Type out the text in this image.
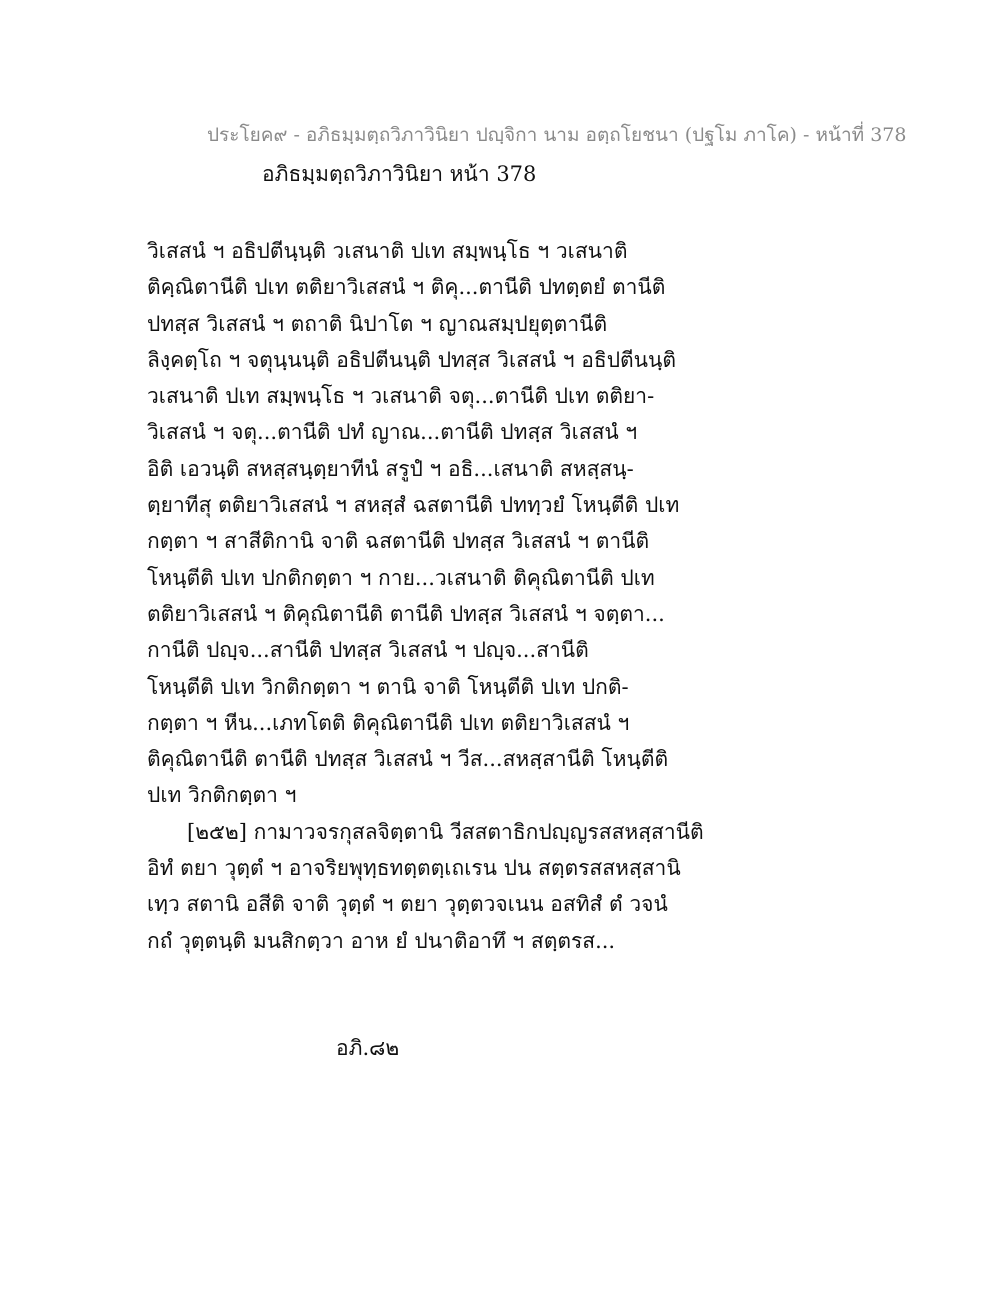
ประโยค๙ - อภิธมฺมตฺถวิภาวินิยา ปญฺจิกา นาม อตฺถโยชนา (ปฐโม ภาโค) - หน้าที่ 378
อภิธมฺมตฺถวิภาวินิยา หน้า 378
วิเสสนํ ฯ อธิปตีนฺนฺติ วเสนาติ ปเท สมฺพนฺโธ ฯ วเสนาติ
ติคฺณิตานีติ ปเท ตติยาวิเสสนํ ฯ ติคุ...ตานีติ ปทตฺตยํ ตานีติ
ปทสฺส วิเสสนํ ฯ ตถาติ นิปาโต ฯ ญาณสมฺปยุตฺตานีติ
ลิงฺคตฺโถ ฯ จตุนฺนนฺติ อธิปตีนนฺติ ปทสฺส วิเสสนํ ฯ อธิปตีนนฺติ
วเสนาติ ปเท สมฺพนฺโธ ฯ วเสนาติ จตุ...ตานีติ ปเท ตติยา-
วิเสสนํ ฯ จตุ...ตานีติ ปทํ ญาณ...ตานีติ ปทสฺส วิเสสนํ ฯ
อิติ เอวนฺติ สหสฺสนฺตฺยาทีนํ สรูปํ ฯ อธิ...เสนาติ สหสฺสนฺ-
ตฺยาทีสุ ตติยาวิเสสนํ ฯ สหสฺสํ ฉสตานีติ ปททฺวยํ โหนฺตีติ ปเท
กตฺตา ฯ สาสีติกานิ จาติ ฉสตานีติ ปทสฺส วิเสสนํ ฯ ตานีติ
โหนฺตีติ ปเท ปกติกตฺตา ฯ กาย...วเสนาติ ติคุณิตานีติ ปเท
ตติยาวิเสสนํ ฯ ติคุณิตานีติ ตานีติ ปทสฺส วิเสสนํ ฯ จตฺตา...
กานีติ ปญฺจ...สานีติ ปทสฺส วิเสสนํ ฯ ปญฺจ...สานีติ
โหนฺตีติ ปเท วิกติกตฺตา ฯ ตานิ จาติ โหนฺตีติ ปเท ปกติ-
กตฺตา ฯ หีน...เภทโตติ ติคุณิตานีติ ปเท ตติยาวิเสสนํ ฯ
ติคุณิตานีติ ตานีติ ปทสฺส วิเสสนํ ฯ วีส...สหสฺสานีติ โหนฺตีติ
ปเท วิกติกตฺตา ฯ
[๒๕๒] กามาวจรกุสลจิตฺตานิ วีสสตาธิกปญฺญรสสหสฺสานีติ
อิทํ ตยา วุตฺตํ ฯ อาจริยพุทฺธทตฺตตฺเถเรน ปน สตฺตรสสหสฺสานิ
เทฺว สตานิ อสีติ จาติ วุตฺตํ ฯ ตยา วุตฺตวจเนน อสทิสํ ตํ วจนํ
กถํ วุตฺตนฺติ มนสิกตฺวา อาห ยํ ปนาติอาทึ ฯ สตฺตรส...
อภิ.๘๒
